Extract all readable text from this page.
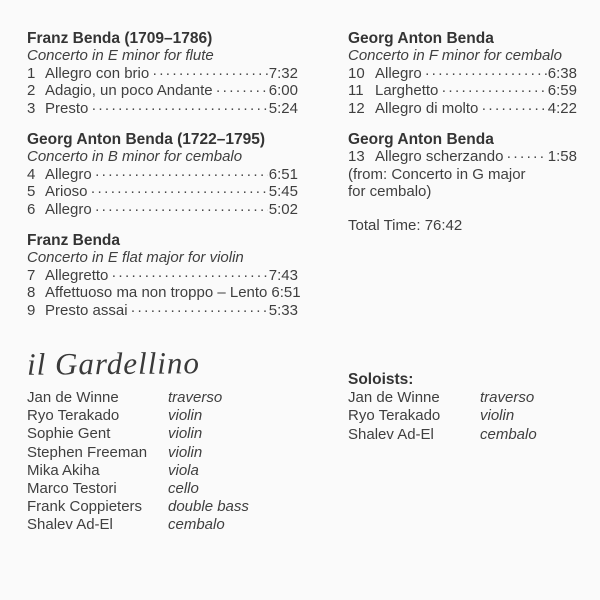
Franz Benda (1709–1786)
Concerto in E minor for flute
1 Allegro con brio ·····	7:32
2 Adagio, un poco Andante ·····	6:00
3 Presto ·····	5:24
Georg Anton Benda (1722–1795)
Concerto in B minor for cembalo
4 Allegro ·····	6:51
5 Arioso ·····	5:45
6 Allegro ·····	5:02
Franz Benda
Concerto in E flat major for violin
7 Allegretto ·····	7:43
8 Affettuoso ma non troppo – Lento 6:51
9 Presto assai ·····	5:33
Georg Anton Benda
Concerto in F minor for cembalo
10 Allegro ·····	6:38
11 Larghetto ·····	6:59
12 Allegro di molto ·····	4:22
Georg Anton Benda
13 Allegro scherzando ·····	1:58
(from: Concerto in G major
for cembalo)
Total Time: 76:42
il Gardellino
Jan de Winne	traverso
Ryo Terakado	violin
Sophie Gent	violin
Stephen Freeman	violin
Mika Akiha	viola
Marco Testori	cello
Frank Coppieters	double bass
Shalev Ad-El	cembalo
Soloists:
Jan de Winne	traverso
Ryo Terakado	violin
Shalev Ad-El	cembalo
